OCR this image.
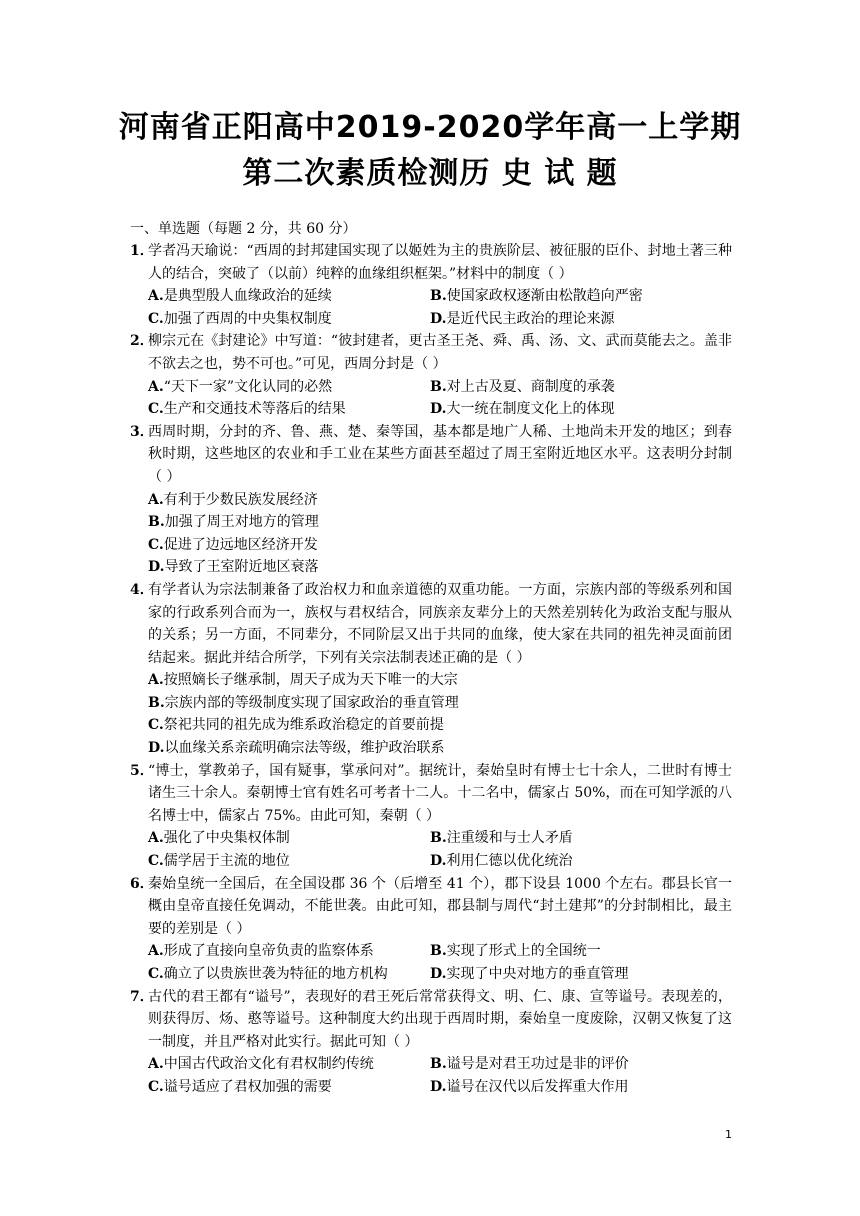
河南省正阳高中2019-2020学年高一上学期
第二次素质检测历 史 试 题
一、单选题（每题 2 分，共 60 分）
1．
学者冯天瑜说：“西周的封邦建国实现了以姬姓为主的贵族阶层、被征服的臣仆、封地土著三种人的结合，突破了（以前）纯粹的血缘组织框架。”材料中的制度（ ）
A.是典型殷人血缘政治的延续	B.使国家政权逐渐由松散趋向严密
C.加强了西周的中央集权制度	D.是近代民主政治的理论来源
2．
柳宗元在《封建论》中写道：“彼封建者，更古圣王尧、舜、禹、汤、文、武而莫能去之。盖非不欲去之也，势不可也。”可见，西周分封是（ ）
A.“天下一家”文化认同的必然	B.对上古及夏、商制度的承袭
C.生产和交通技术等落后的结果	D.大一统在制度文化上的体现
3．
西周时期，分封的齐、鲁、燕、楚、秦等国，基本都是地广人稀、土地尚未开发的地区；到春秋时期，这些地区的农业和手工业在某些方面甚至超过了周王室附近地区水平。这表明分封制（ ）
A.有利于少数民族发展经济
B.加强了周王对地方的管理
C.促进了边远地区经济开发
D.导致了王室附近地区衰落
4．
有学者认为宗法制兼备了政治权力和血亲道德的双重功能。一方面，宗族内部的等级系列和国家的行政系列合而为一，族权与君权结合，同族亲友辈分上的天然差别转化为政治支配与服从的关系；另一方面，不同辈分，不同阶层又出于共同的血缘，使大家在共同的祖先神灵面前团结起来。据此并结合所学，下列有关宗法制表述正确的是（ ）
A.按照嫡长子继承制，周天子成为天下唯一的大宗
B.宗族内部的等级制度实现了国家政治的垂直管理
C.祭祀共同的祖先成为维系政治稳定的首要前提
D.以血缘关系亲疏明确宗法等级，维护政治联系
5．
“博士，掌教弟子，国有疑事，掌承问对”。据统计，秦始皇时有博士七十余人，二世时有博士诸生三十余人。秦朝博士官有姓名可考者十二人。十二名中，儒家占 50%，而在可知学派的八名博士中，儒家占 75%。由此可知，秦朝（ ）
A.强化了中央集权体制	B.注重缓和与士人矛盾
C.儒学居于主流的地位	D.利用仁德以优化统治
6．
秦始皇统一全国后，在全国设郡 36 个（后增至 41 个），郡下设县 1000 个左右。郡县长官一概由皇帝直接任免调动，不能世袭。由此可知，郡县制与周代“封土建邦”的分封制相比，最主要的差别是（ ）
A.形成了直接向皇帝负责的监察体系	B.实现了形式上的全国统一
C.确立了以贵族世袭为特征的地方机构	D.实现了中央对地方的垂直管理
7．
古代的君王都有“谥号”，表现好的君王死后常常获得文、明、仁、康、宣等谥号。表现差的，则获得厉、炀、憨等谥号。这种制度大约出现于西周时期，秦始皇一度废除，汉朝又恢复了这一制度，并且严格对此实行。据此可知（ ）
A.中国古代政治文化有君权制约传统	B.谥号是对君王功过是非的评价
C.谥号适应了君权加强的需要	D.谥号在汉代以后发挥重大作用
1
